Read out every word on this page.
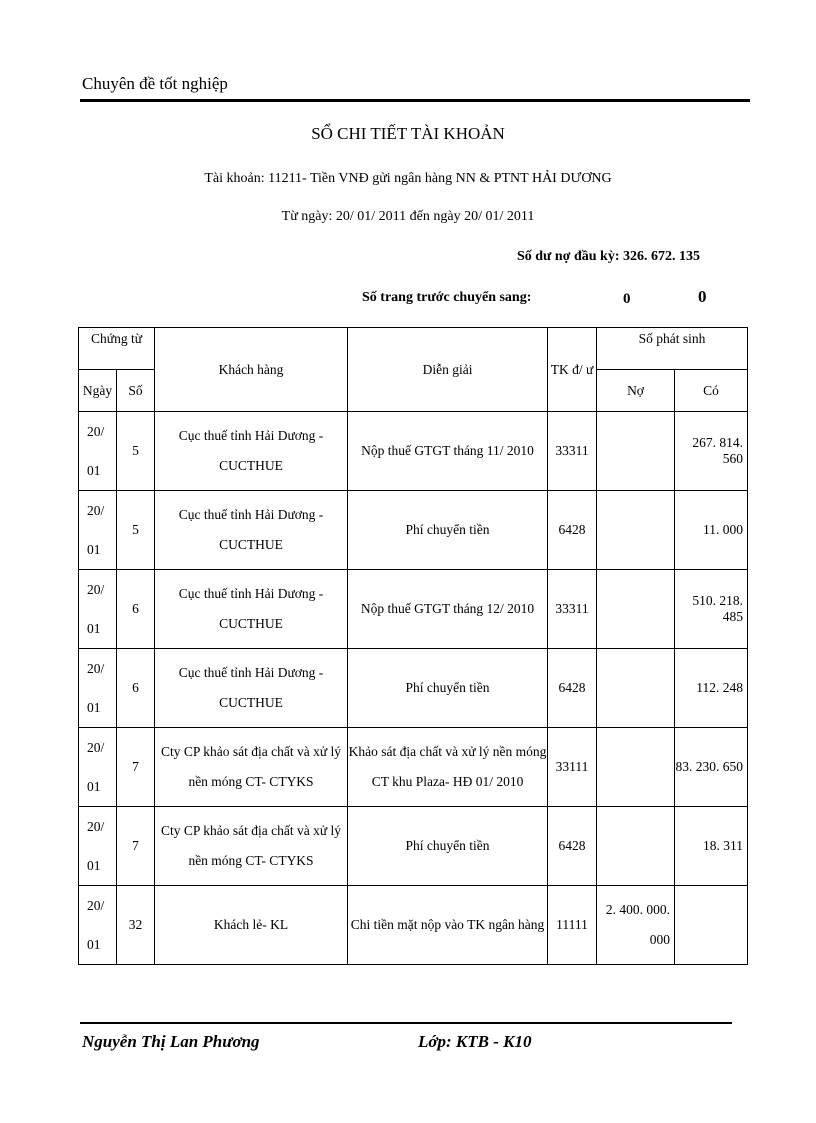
Chuyên đề tốt nghiệp
SỔ CHI TIẾT TÀI KHOẢN
Tài khoản: 11211- Tiền VNĐ gửi ngân hàng NN & PTNT HẢI DƯƠNG
Từ ngày: 20/ 01/ 2011 đến ngày 20/ 01/ 2011
Số dư nợ đầu kỳ: 326. 672. 135
Số trang trước chuyển sang:	0	0
Chứng từ		Khách hàng	Diễn giải	TK đ/ ư	Số phát sinh	
Ngày	Số				Nợ	Có
20/ 01	5	Cục thuế tỉnh Hải Dương - CUCTHUE	Nộp thuế GTGT tháng 11/ 2010	33311		267. 814. 560
20/ 01	5	Cục thuế tỉnh Hải Dương - CUCTHUE	Phí chuyển tiền	6428		11. 000
20/ 01	6	Cục thuế tỉnh Hải Dương - CUCTHUE	Nộp thuế GTGT tháng 12/ 2010	33311		510. 218. 485
20/ 01	6	Cục thuế tỉnh Hải Dương - CUCTHUE	Phí chuyển tiền	6428		112. 248
20/ 01	7	Cty CP khảo sát địa chất và xử lý nền móng CT- CTYKS	Khảo sát địa chất và xử lý nền móng CT khu Plaza- HĐ 01/ 2010	33111		83. 230. 650
20/ 01	7	Cty CP khảo sát địa chất và xử lý nền móng CT- CTYKS	Phí chuyển tiền	6428		18. 311
20/ 01	32	Khách lẻ- KL	Chi tiền mặt nộp vào TK ngân hàng	11111	2. 400. 000. 000	
Nguyễn Thị Lan Phương	Lớp: KTB - K10
